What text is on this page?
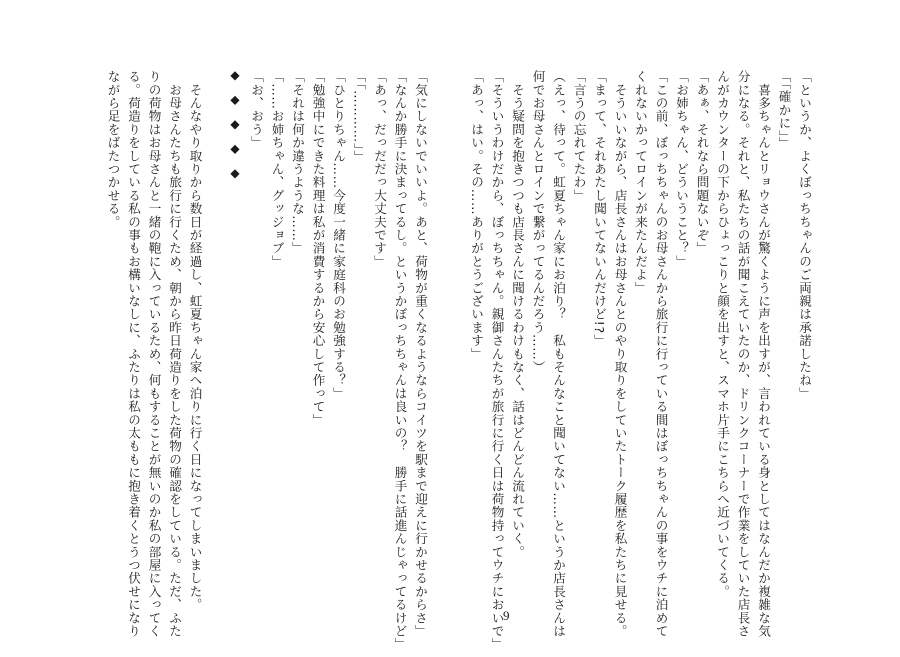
「というか、よくぼっちちゃんのご両親は承諾したね」
「「確かに」」
　喜多ちゃんとリョウさんが驚くように声を出すが、言われている身としてはなんだか複雑な気
分になる。それと、私たちの話が聞こえていたのか、ドリンクコーナーで作業をしていた店長さ
んがカウンターの下からひょっこりと顔を出すと、スマホ片手にこちらへ近づいてくる。
「あぁ、それなら問題ないぞ」
「お姉ちゃん、どういうこと？」
「この前、ぼっちちゃんのお母さんから旅行に行っている間はぼっちちゃんの事をウチに泊めて
くれないかってロインが来たんだよ」
　そういいながら、店長さんはお母さんとのやり取りをしていたトーク履歴を私たちに見せる。
「まって、それあたし聞いてないんだけど!?」
「言うの忘れてたわ」
（えっ、待って。虹夏ちゃん家にお泊り？　私もそんなこと聞いてない……というか店長さんは
何でお母さんとロインで繋がってるんだろう……）
　そう疑問を抱きつつも店長さんに聞けるわけもなく、話はどんどん流れていく。
「そういうわけだから、ぼっちちゃん。親御さんたちが旅行に行く日は荷物持ってウチにおいで」
「あっ、はい。その……ありがとうございます」
◆◆◆◆◆	「気にしないでいいよ。あと、荷物が重くなるようならコイツを駅まで迎えに行かせるからさ」
「なんか勝手に決まってるし。というかぼっちちゃんは良いの？　勝手に話進んじゃってるけど」
「あっ、だっだだっ大丈夫です」
「「…………」」
「ひとりちゃん……今度一緒に家庭科のお勉強する？」
「勉強中にできた料理は私が消費するから安心して作って」
「それは何か違うような……」
「……お姉ちゃん、グッジョブ」
「お、おう」

　そんなやり取りから数日が経過し、虹夏ちゃん家へ泊りに行く日になってしまいました。
　お母さんたちも旅行に行くため、朝から昨日荷造りをした荷物の確認をしている。ただ、ふた
りの荷物はお母さんと一緒の鞄に入っているため、何もすることが無いのか私の部屋に入ってく
る。荷造りをしている私の事もお構いなしに、ふたりは私の太ももに抱き着くとうつ伏せになり
ながら足をばたつかせる。
9
